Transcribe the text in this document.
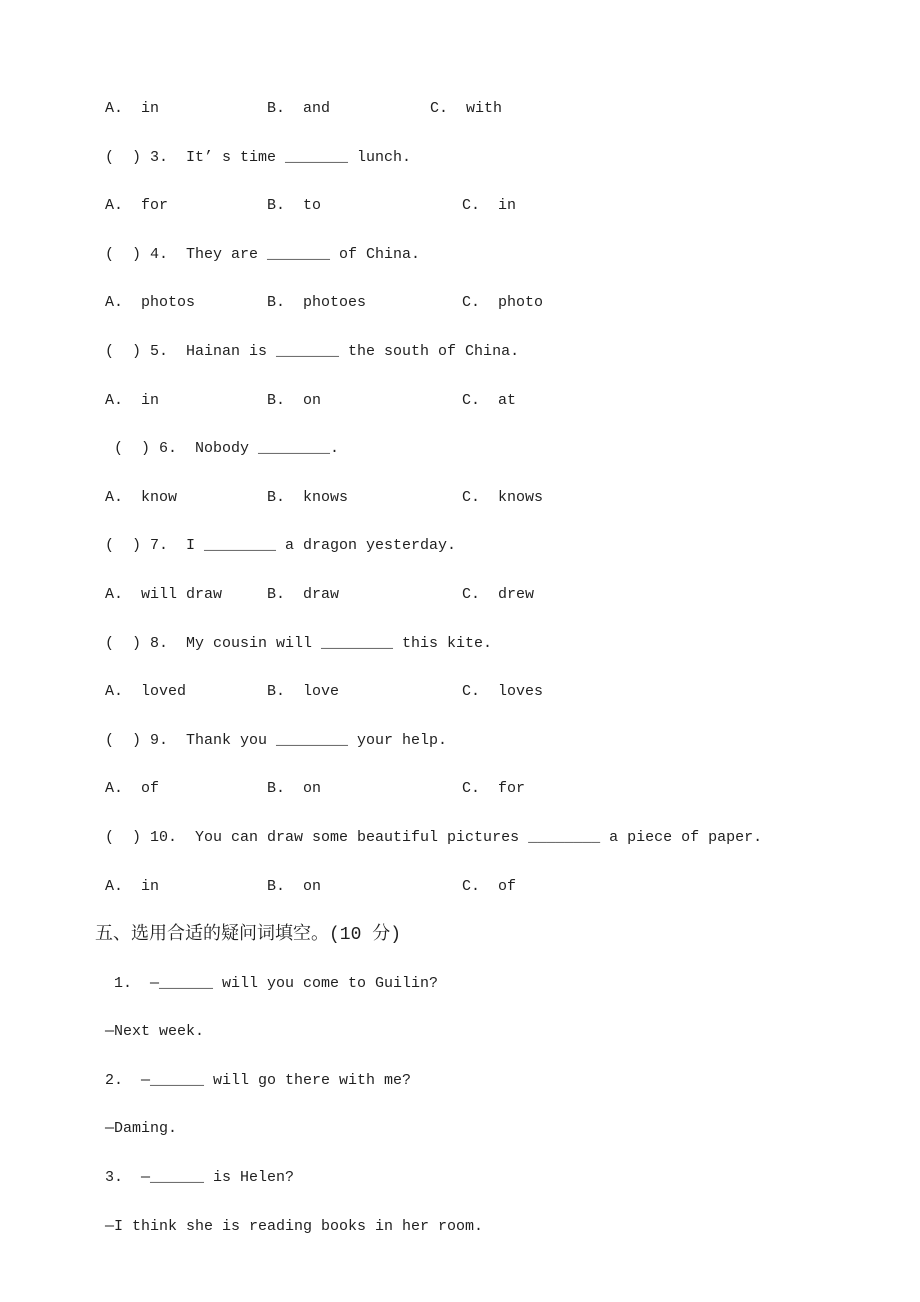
A.  in

	B.  and

	C.  with

(  ) 3.  It’ s time _______ lunch.

A.  for

	B.  to

	C.  in

(  ) 4.  They are _______ of China.

A.  photos

	B.  photoes

	C.  photo

(  ) 5.  Hainan is _______ the south of China.

A.  in

	B.  on

	C.  at

(  ) 6.  Nobody ________.

A.  know

	B.  knows

	C.  knows

(  ) 7.  I ________ a dragon yesterday.

A.  will draw

	B.  draw

	C.  drew

(  ) 8.  My cousin will ________ this kite.

A.  loved

	B.  love

	C.  loves

(  ) 9.  Thank you ________ your help.

A.  of

	B.  on

	C.  for

(  ) 10.  You can draw some beautiful pictures ________ a piece of paper.

A.  in

	B.  on

	C.  of

五、选用合适的疑问词填空。(10 分)
1.  —______ will you come to Guilin?
—Next week.
2.  —______ will go there with me?
—Daming.
3.  —______ is Helen?
—I think she is reading books in her room.
